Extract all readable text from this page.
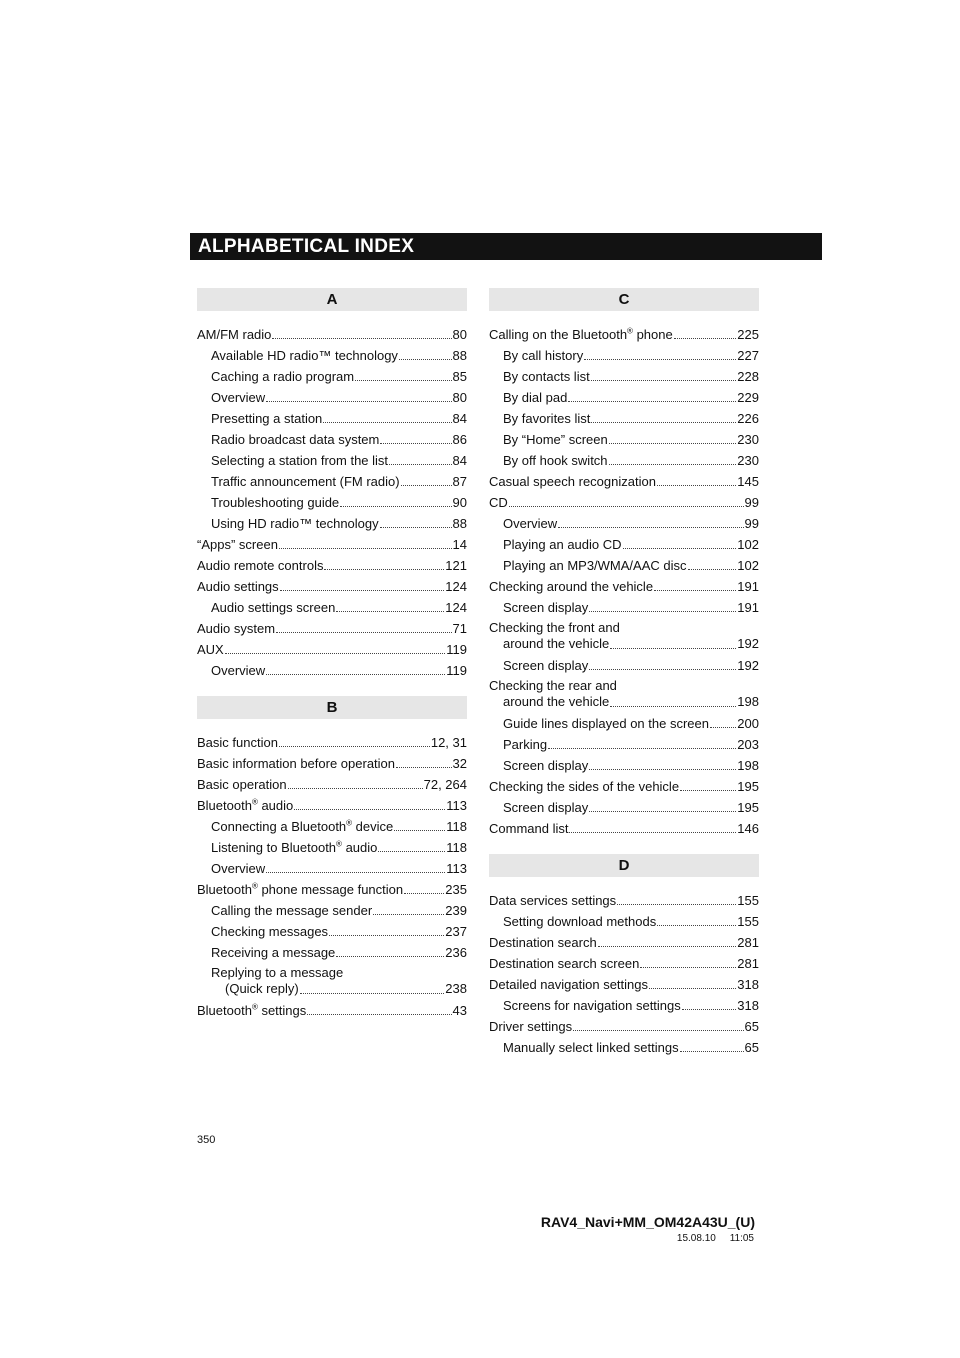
ALPHABETICAL INDEX
A
AM/FM radio	80
Available HD radio™ technology	88
Caching a radio program	85
Overview	80
Presetting a station	84
Radio broadcast data system	86
Selecting a station from the list	84
Traffic announcement (FM radio)	87
Troubleshooting guide	90
Using HD radio™ technology	88
“Apps” screen	14
Audio remote controls	121
Audio settings	124
Audio settings screen	124
Audio system	71
AUX	119
Overview	119
B
Basic function	12, 31
Basic information before operation	32
Basic operation	72, 264
Bluetooth® audio	113
Connecting a Bluetooth® device	118
Listening to Bluetooth® audio	118
Overview	113
Bluetooth® phone message function	235
Calling the message sender	239
Checking messages	237
Receiving a message	236
Replying to a message
(Quick reply)	238
Bluetooth® settings	43
C
Calling on the Bluetooth® phone	225
By call history	227
By contacts list	228
By dial pad	229
By favorites list	226
By “Home” screen	230
By off hook switch	230
Casual speech recognization	145
CD	99
Overview	99
Playing an audio CD	102
Playing an MP3/WMA/AAC disc	102
Checking around the vehicle	191
Screen display	191
Checking the front and
around the vehicle	192
Screen display	192
Checking the rear and
around the vehicle	198
Guide lines displayed on the screen 200
Parking	203
Screen display	198
Checking the sides of the vehicle	195
Screen display	195
Command list	146
D
Data services settings	155
Setting download methods	155
Destination search	281
Destination search screen	281
Detailed navigation settings	318
Screens for navigation settings	318
Driver settings	65
Manually select linked settings	65
350
RAV4_Navi+MM_OM42A43U_(U)
15.08.10     11:05
